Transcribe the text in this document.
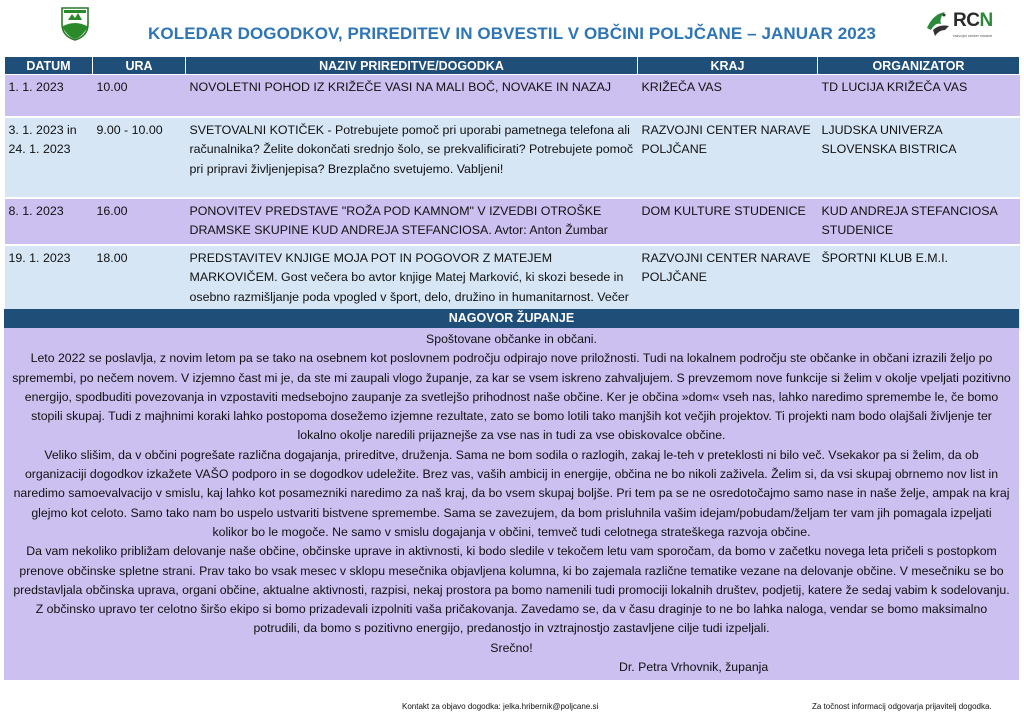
KOLEDAR DOGODKOV, PRIREDITEV IN OBVESTIL V OBČINI POLJČANE – JANUAR 2023
RCN
razvojni center narave
DATUM	URA	NAZIV PRIREDITVE/DOGODKA	KRAJ	ORGANIZATOR
1. 1. 2023	10.00	NOVOLETNI POHOD IZ KRIŽEČE VASI NA MALI BOČ, NOVAKE IN NAZAJ	KRIŽEČA VAS	TD LUCIJA KRIŽEČA VAS
3. 1. 2023 in 24. 1. 2023	9.00 - 10.00	SVETOVALNI KOTIČEK - Potrebujete pomoč pri uporabi pametnega telefona ali računalnika? Želite dokončati srednjo šolo, se prekvalificirati? Potrebujete pomoč pri pripravi življenjepisa? Brezplačno svetujemo. Vabljeni!	RAZVOJNI CENTER NARAVE POLJČANE	LJUDSKA UNIVERZA SLOVENSKA BISTRICA
8. 1. 2023	16.00	PONOVITEV PREDSTAVE "ROŽA POD KAMNOM" V IZVEDBI OTROŠKE DRAMSKE SKUPINE KUD ANDREJA STEFANCIOSA. Avtor: Anton Žumbar	DOM KULTURE STUDENICE	KUD ANDREJA STEFANCIOSA STUDENICE
19. 1. 2023	18.00	PREDSTAVITEV KNJIGE MOJA POT IN POGOVOR Z MATEJEM MARKOVIČEM. Gost večera bo avtor knjige Matej Marković, ki skozi besede in osebno razmišljanje poda vpogled v šport, delo, družino in humanitarnost. Večer	RAZVOJNI CENTER NARAVE POLJČANE	ŠPORTNI KLUB E.M.I.
NAGOVOR ŽUPANJE

Spoštovane občanke in občani.

Leto 2022 se poslavlja, z novim letom pa se tako na osebnem kot poslovnem področju odpirajo nove priložnosti. Tudi na lokalnem področju ste občanke in občani izrazili željo po spremembi, po nečem novem. V izjemno čast mi je, da ste mi zaupali vlogo županje, za kar se vsem iskreno zahvaljujem. S prevzemom nove funkcije si želim v okolje vpeljati pozitivno energijo, spodbuditi povezovanja in vzpostaviti medsebojno zaupanje za svetlejšo prihodnost naše občine. Ker je občina »dom« vseh nas, lahko naredimo spremembe le, če bomo stopili skupaj. Tudi z majhnimi koraki lahko postopoma dosežemo izjemne rezultate, zato se bomo lotili tako manjših kot večjih projektov. Ti projekti nam bodo olajšali življenje ter lokalno okolje naredili prijaznejše za vse nas in tudi za vse obiskovalce občine.

Veliko slišim, da v občini pogrešate različna dogajanja, prireditve, druženja. Sama ne bom sodila o razlogih, zakaj le-teh v preteklosti ni bilo več. Vsekakor pa si želim, da ob organizaciji dogodkov izkažete VAŠO podporo in se dogodkov udeležite. Brez vas, vaših ambicij in energije, občina ne bo nikoli zaživela. Želim si, da vsi skupaj obrnemo nov list in naredimo samoevalvacijo v smislu, kaj lahko kot posamezniki naredimo za naš kraj, da bo vsem skupaj boljše. Pri tem pa se ne osredotočajmo samo nase in naše želje, ampak na kraj glejmo kot celoto. Samo tako nam bo uspelo ustvariti bistvene spremembe. Sama se zavezujem, da bom prisluhnila vašim idejam/pobudam/željam ter vam jih pomagala izpeljati kolikor bo le mogoče. Ne samo v smislu dogajanja v občini, temveč tudi celotnega strateškega razvoja občine.

Da vam nekoliko približam delovanje naše občine, občinske uprave in aktivnosti, ki bodo sledile v tekočem letu vam sporočam, da bomo v začetku novega leta pričeli s postopkom prenove občinske spletne strani. Prav tako bo vsak mesec v sklopu mesečnika objavljena kolumna, ki bo zajemala različne tematike vezane na delovanje občine. V mesečniku se bo predstavljala občinska uprava, organi občine, aktualne aktivnosti, razpisi, nekaj prostora pa bomo namenili tudi promociji lokalnih društev, podjetij, katere že sedaj vabim k sodelovanju.

Z občinsko upravo ter celotno širšo ekipo si bomo prizadevali izpolniti vaša pričakovanja. Zavedamo se, da v času draginje to ne bo lahka naloga, vendar se bomo maksimalno potrudili, da bomo s pozitivno energijo, predanostjo in vztrajnostjo zastavljene cilje tudi izpeljali.

Srečno!

Dr. Petra Vrhovnik, županja

Kontakt za objavo dogodka: jelka.hribernik@poljcane.si	Za točnost informacij odgovarja prijavitelj dogodka.
